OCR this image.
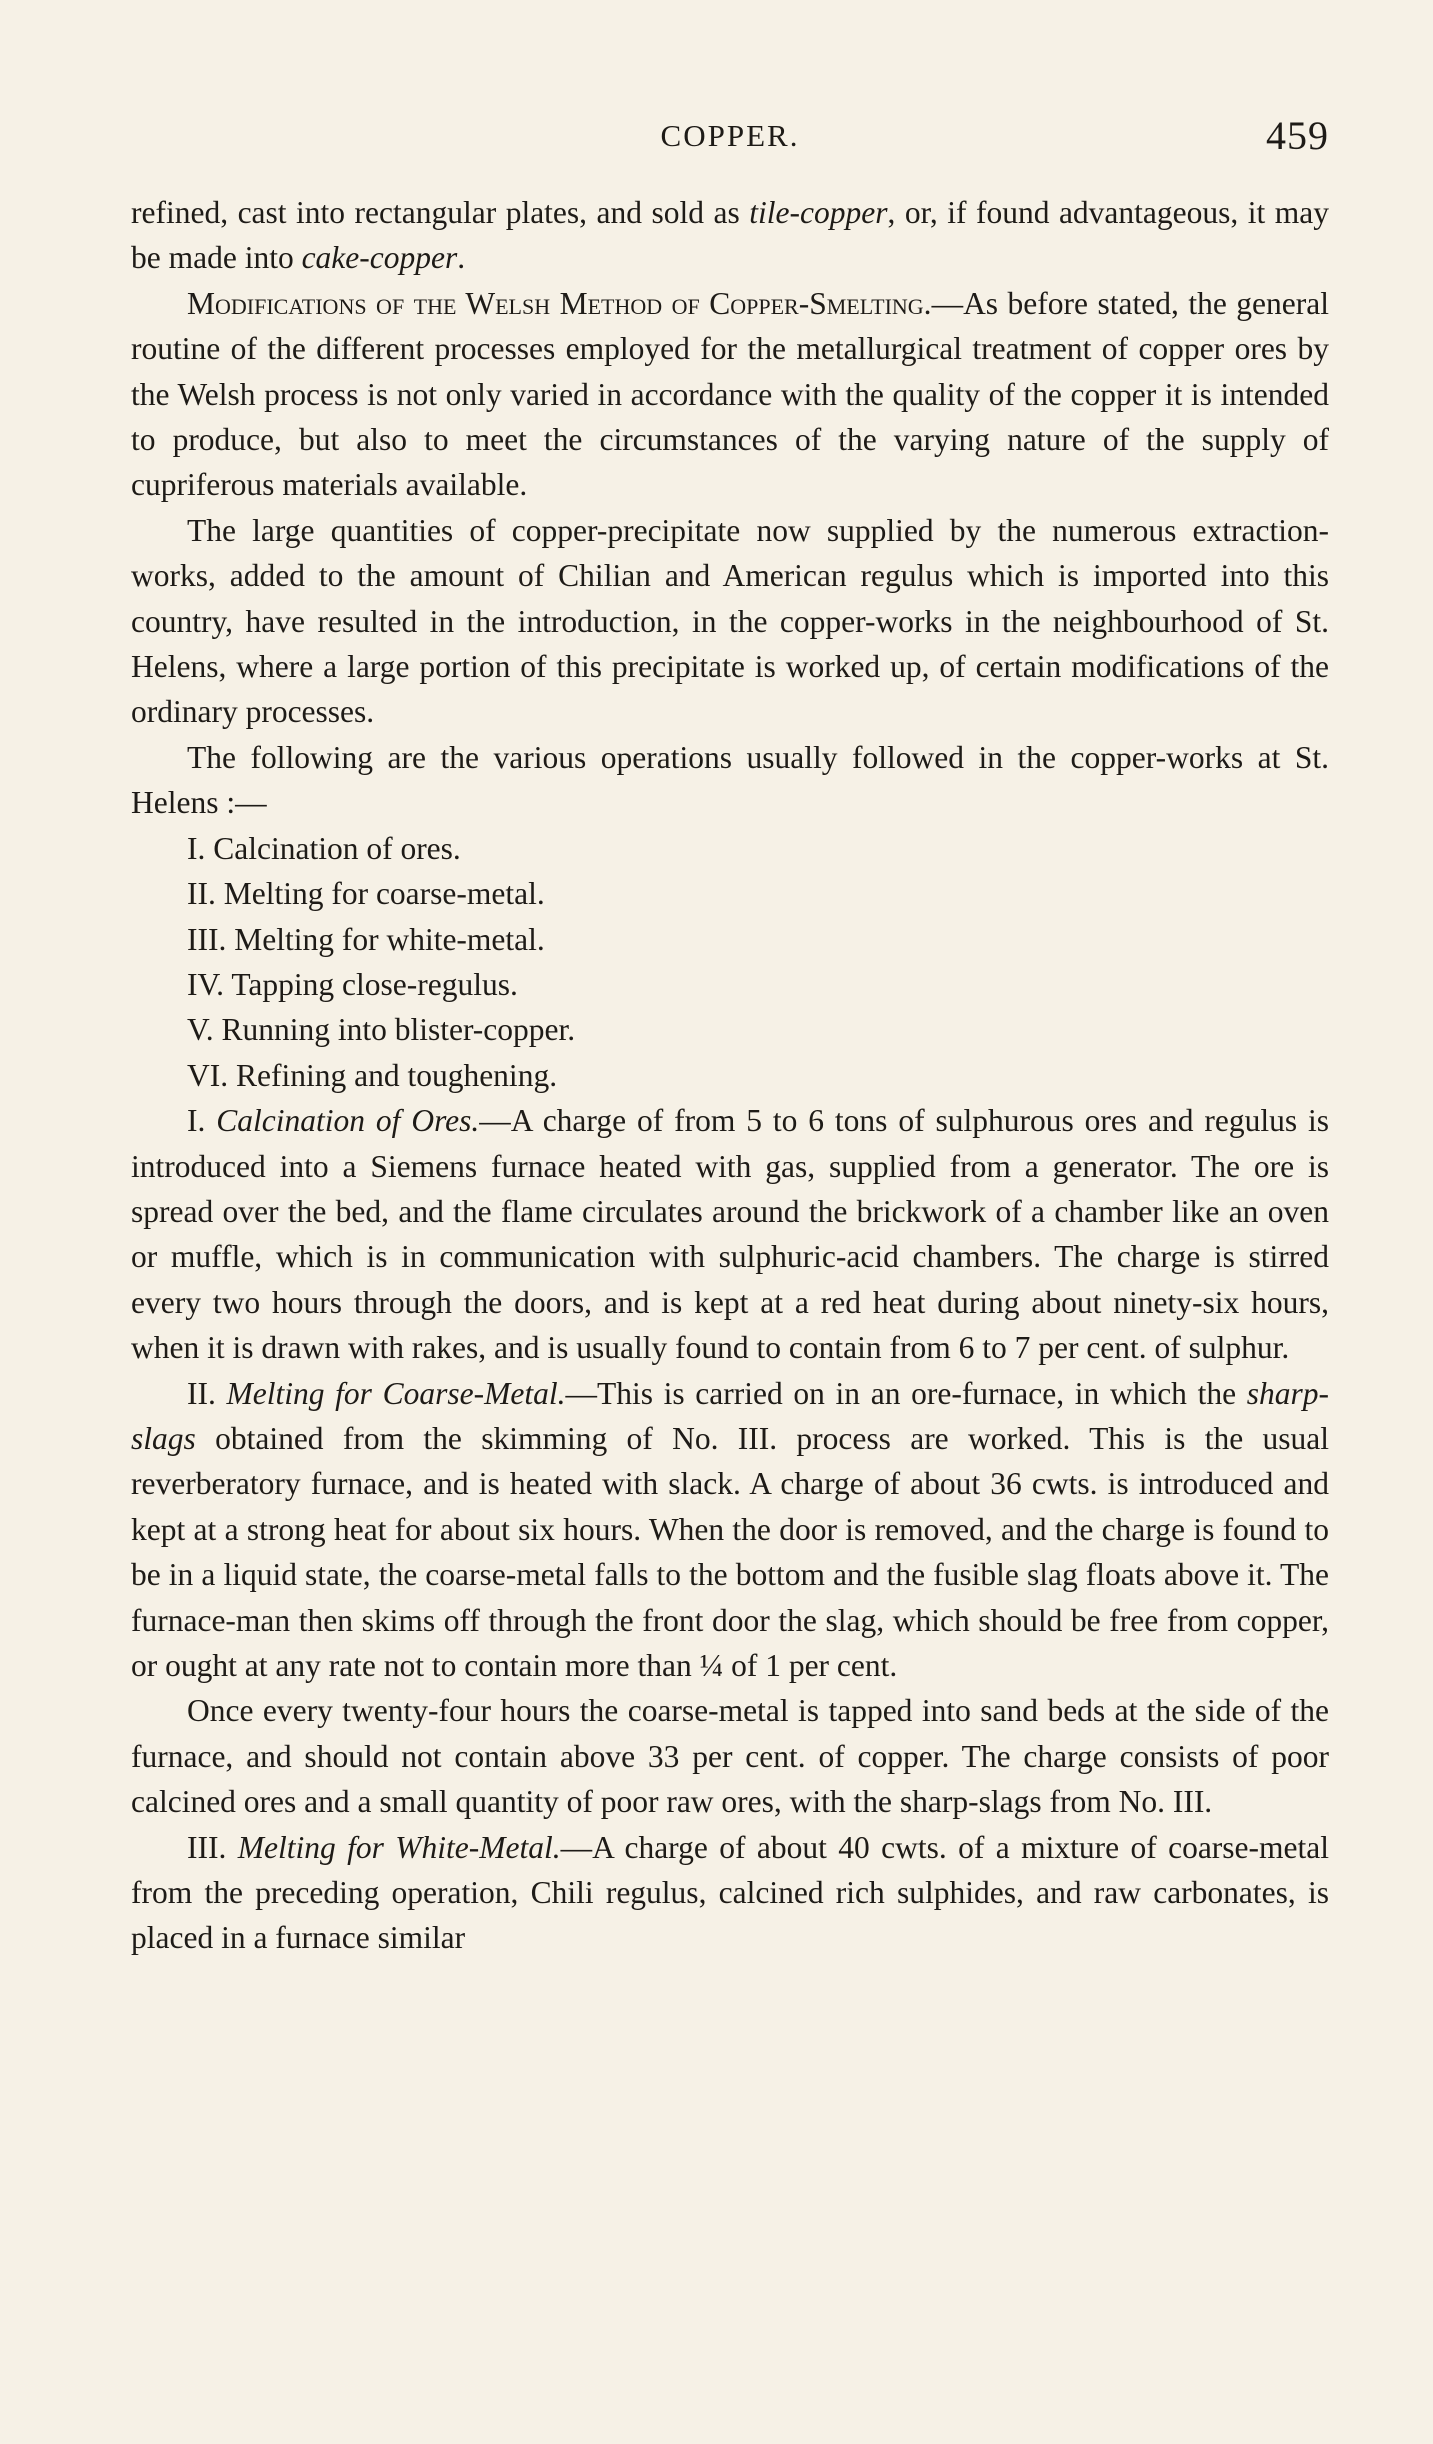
COPPER.	459

refined, cast into rectangular plates, and sold as tile-copper, or, if found advantageous, it may be made into cake-copper.

Modifications of the Welsh Method of Copper-Smelting.—As before stated, the general routine of the different processes employed for the metallurgical treatment of copper ores by the Welsh process is not only varied in accordance with the quality of the copper it is intended to produce, but also to meet the circumstances of the varying nature of the supply of cupriferous materials available.

The large quantities of copper-precipitate now supplied by the numerous extraction-works, added to the amount of Chilian and American regulus which is imported into this country, have resulted in the introduction, in the copper-works in the neighbourhood of St. Helens, where a large portion of this precipitate is worked up, of certain modifications of the ordinary processes.

The following are the various operations usually followed in the copper-works at St. Helens :—

I. Calcination of ores.

II. Melting for coarse-metal.

III. Melting for white-metal.

IV. Tapping close-regulus.

V. Running into blister-copper.

VI. Refining and toughening.

I. Calcination of Ores.—A charge of from 5 to 6 tons of sulphurous ores and regulus is introduced into a Siemens furnace heated with gas, supplied from a generator. The ore is spread over the bed, and the flame circulates around the brickwork of a chamber like an oven or muffle, which is in communication with sulphuric-acid chambers. The charge is stirred every two hours through the doors, and is kept at a red heat during about ninety-six hours, when it is drawn with rakes, and is usually found to contain from 6 to 7 per cent. of sulphur.

II. Melting for Coarse-Metal.—This is carried on in an ore-furnace, in which the sharp-slags obtained from the skimming of No. III. process are worked. This is the usual reverberatory furnace, and is heated with slack. A charge of about 36 cwts. is introduced and kept at a strong heat for about six hours. When the door is removed, and the charge is found to be in a liquid state, the coarse-metal falls to the bottom and the fusible slag floats above it. The furnace-man then skims off through the front door the slag, which should be free from copper, or ought at any rate not to contain more than ¼ of 1 per cent.

Once every twenty-four hours the coarse-metal is tapped into sand beds at the side of the furnace, and should not contain above 33 per cent. of copper. The charge consists of poor calcined ores and a small quantity of poor raw ores, with the sharp-slags from No. III.

III. Melting for White-Metal.—A charge of about 40 cwts. of a mixture of coarse-metal from the preceding operation, Chili regulus, calcined rich sulphides, and raw carbonates, is placed in a furnace similar
